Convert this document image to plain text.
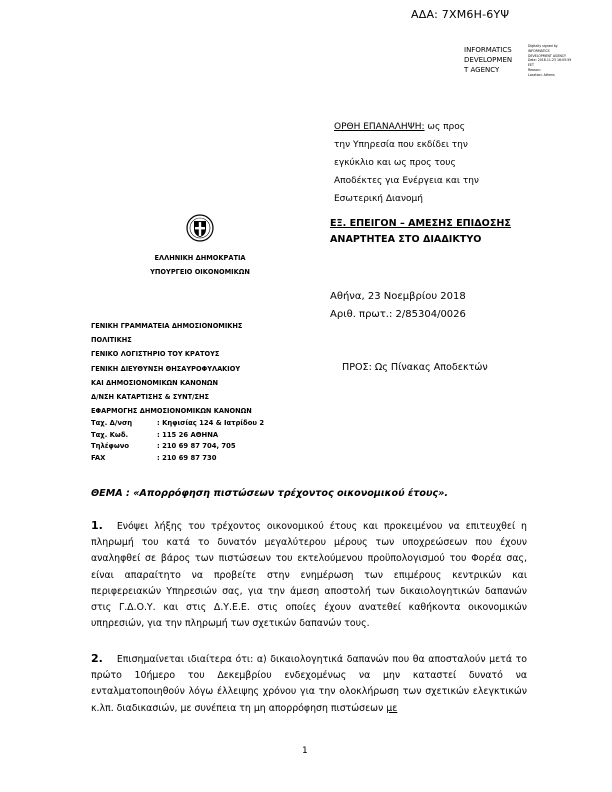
ΑΔΑ: 7ΧΜ6Η-6ΥΨ
INFORMATICS
DEVELOPMEN
T AGENCY
Digitally signed by
INFORMATICS
DEVELOPMENT AGENCY
Date: 2018.11.23 16:05:59
EET
Reason:
Location: Athens
ΟΡΘΗ ΕΠΑΝΑΛΗΨΗ: ως προς
την Υπηρεσία που εκδίδει την
εγκύκλιο και ως προς τους
Αποδέκτες για Ενέργεια και την
Εσωτερική Διανομή
ΕΞ. ΕΠΕΙΓΟΝ – ΑΜΕΣΗΣ ΕΠΙΔΟΣΗΣ
ΑΝΑΡΤΗΤΕΑ ΣΤΟ ΔΙΑΔΙΚΤΥΟ
ΕΛΛΗΝΙΚΗ ΔΗΜΟΚΡΑΤΙΑ
ΥΠΟΥΡΓΕΙΟ ΟΙΚΟΝΟΜΙΚΩΝ
Αθήνα, 23 Νοεμβρίου 2018
Αριθ. πρωτ.: 2/85304/0026
ΓΕΝΙΚΗ ΓΡΑΜΜΑΤΕΙΑ ΔΗΜΟΣΙΟΝΟΜΙΚΗΣ
ΠΟΛΙΤΙΚΗΣ
ΓΕΝΙΚΟ ΛΟΓΙΣΤΗΡΙΟ ΤΟΥ ΚΡΑΤΟΥΣ
ΓΕΝΙΚΗ ΔΙΕΥΘΥΝΣΗ ΘΗΣΑΥΡΟΦΥΛΑΚΙΟΥ
ΚΑΙ ΔΗΜΟΣΙΟΝΟΜΙΚΩΝ ΚΑΝΟΝΩΝ
Δ/ΝΣΗ ΚΑΤΑΡΤΙΣΗΣ & ΣΥΝΤ/ΣΗΣ
ΕΦΑΡΜΟΓΗΣ ΔΗΜΟΣΙΟΝΟΜΙΚΩΝ ΚΑΝΟΝΩΝ
ΠΡΟΣ: Ως Πίνακας Αποδεκτών
Ταχ. Δ/νση	: Κηφισίας 124 & Ιατρίδου 2
Ταχ. Κωδ.	: 115 26 ΑΘΗΝΑ
Τηλέφωνο	: 210 69 87 704, 705
FAX	: 210 69 87 730
ΘΕΜΑ : «Απορρόφηση πιστώσεων τρέχοντος οικονομικού έτους».
1. Ενόψει λήξης του τρέχοντος οικονομικού έτους και προκειμένου να επιτευχθεί η πληρωμή του κατά το δυνατόν μεγαλύτερου μέρους των υποχρεώσεων που έχουν αναληφθεί σε βάρος των πιστώσεων του εκτελούμενου προϋπολογισμού του Φορέα σας, είναι απαραίτητο να προβείτε στην ενημέρωση των επιμέρους κεντρικών και περιφερειακών Υπηρεσιών σας, για την άμεση αποστολή των δικαιολογητικών δαπανών στις Γ.Δ.Ο.Υ. και στις Δ.Υ.Ε.Ε. στις οποίες έχουν ανατεθεί καθήκοντα οικονομικών υπηρεσιών, για την πληρωμή των σχετικών δαπανών τους.
2. Επισημαίνεται ιδιαίτερα ότι: α) δικαιολογητικά δαπανών που θα αποσταλούν μετά το πρώτο 10ήμερο του Δεκεμβρίου ενδεχομένως να μην καταστεί δυνατό να ενταλματοποιηθούν λόγω έλλειψης χρόνου για την ολοκλήρωση των σχετικών ελεγκτικών κ.λπ. διαδικασιών, με συνέπεια τη μη απορρόφηση πιστώσεων με
1
